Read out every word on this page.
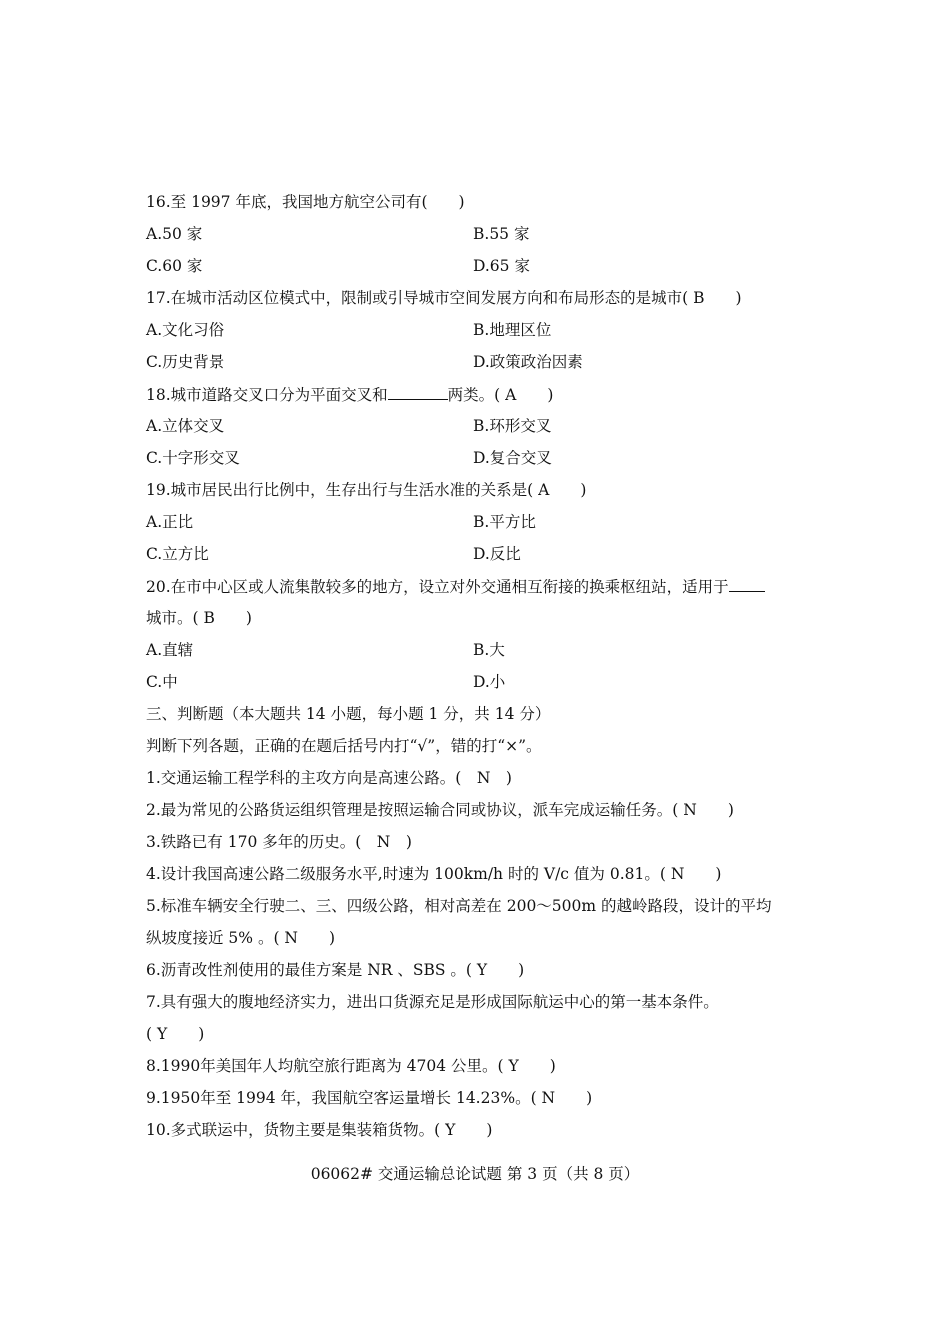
16.至 1997 年底，我国地方航空公司有(　　)
A.50 家	B.55 家
C.60 家	D.65 家
17.在城市活动区位模式中，限制或引导城市空间发展方向和布局形态的是城市( B　　)
A.文化习俗	B.地理区位
C.历史背景	D.政策政治因素
18.城市道路交叉口分为平面交叉和	两类。( A　　)
A.立体交叉	B.环形交叉
C.十字形交叉	D.复合交叉
19.城市居民出行比例中，生存出行与生活水准的关系是( A　　)
A.正比	B.平方比
C.立方比	D.反比
20.在市中心区或人流集散较多的地方，设立对外交通相互衔接的换乘枢纽站，适用于
城市。( B　　)
A.直辖	B.大
C.中	D.小
三、判断题（本大题共 14 小题，每小题 1 分，共 14 分）
判断下列各题，正确的在题后括号内打“√”，错的打“×”。
1.交通运输工程学科的主攻方向是高速公路。(　N　)
2.最为常见的公路货运组织管理是按照运输合同或协议，派车完成运输任务。( N　　)
3.铁路已有 170 多年的历史。(　N　)
4.设计我国高速公路二级服务水平,时速为 100km/h 时的 V/c 值为 0.81。( N　　)
5.标准车辆安全行驶二、三、四级公路，相对高差在 200～500m 的越岭路段，设计的平均
纵坡度接近 5% 。( N　　)
6.沥青改性剂使用的最佳方案是 NR 、SBS 。( Y　　)
7.具有强大的腹地经济实力，进出口货源充足是形成国际航运中心的第一基本条件。
( Y　　)
8.1990年美国年人均航空旅行距离为 4704 公里。( Y　　)
9.1950年至 1994 年，我国航空客运量增长 14.23%。( N　　)
10.多式联运中，货物主要是集装箱货物。( Y　　)
06062# 交通运输总论试题 第 3 页（共 8 页）
